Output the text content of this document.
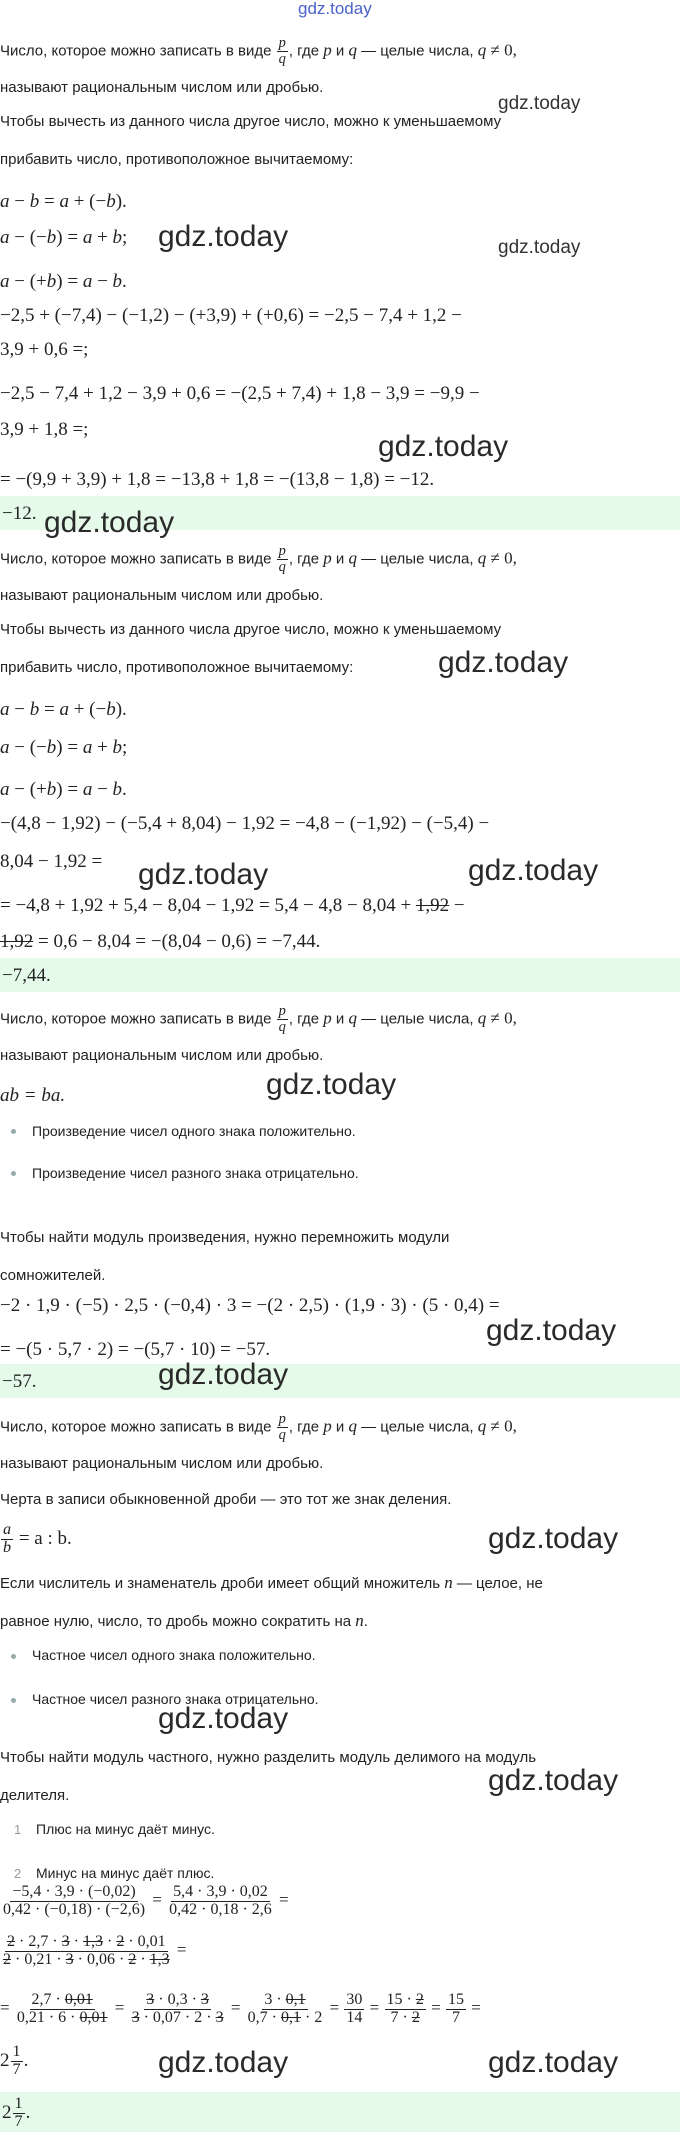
gdz.today
Число, которое можно записать в виде $\frac{p}{q}$ , где p и q — целые числа, q ≠ 0,
называют рациональным числом или дробью.
gdz.today
Чтобы вычесть из данного числа другое число, можно к уменьшаемому
прибавить число, противоположное вычитаемому:
a − b = a + (−b).
a − (−b) = a + b; gdz.today	gdz.today
a − (+b) = a − b.
−2,5 + (−7,4) − (−1,2) − (+3,9) + (+0,6) = −2,5 − 7,4 + 1,2 −
3,9 + 0,6 =;
−2,5 − 7,4 + 1,2 − 3,9 + 0,6 = −(2,5 + 7,4) + 1,8 − 3,9 = −9,9 −
3,9 + 1,8 =;
gdz.today
= −(9,9 + 3,9) + 1,8 = −13,8 + 1,8 = −(13,8 − 1,8) = −12.
−12. gdz.today
Число, которое можно записать в виде $\frac{p}{q}$ , где p и q — целые числа, q ≠ 0,
называют рациональным числом или дробью.
Чтобы вычесть из данного числа другое число, можно к уменьшаемому
прибавить число, противоположное вычитаемому:	gdz.today
a − b = a + (−b).
a − (−b) = a + b;
a − (+b) = a − b.
−(4,8 − 1,92) − (−5,4 + 8,04) − 1,92 = −4,8 − (−1,92) − (−5,4) −
8,04 − 1,92 = gdz.today	gdz.today
= −4,8 + 1,92 + 5,4 − 8,04 − 1,92 = 5,4 − 4,8 − 8,04 + 1,92 −
1,92 = 0,6 − 8,04 = −(8,04 − 0,6) = −7,44.
−7,44.
Число, которое можно записать в виде $\frac{p}{q}$ , где p и q — целые числа, q ≠ 0,
называют рациональным числом или дробью.
ab = ba.	gdz.today
Произведение чисел одного знака положительно.
Произведение чисел разного знака отрицательно.
Чтобы найти модуль произведения, нужно перемножить модули
сомножителей.
−2 · 1,9 · (−5) · 2,5 · (−0,4) · 3 = −(2 · 2,5) · (1,9 · 3) · (5 · 0,4) =
gdz.today
= −(5 · 5,7 · 2) = −(5,7 · 10) = −57.
−57.	gdz.today
Число, которое можно записать в виде $\frac{p}{q}$ , где p и q — целые числа, q ≠ 0,
называют рациональным числом или дробью.
Черта в записи обыкновенной дроби — это тот же знак деления.
$\frac{a}{b} = a$ : b.	gdz.today
Если числитель и знаменатель дроби имеет общий множитель n — целое, не
равное нулю, число, то дробь можно сократить на n.
Частное чисел одного знака положительно.
Частное чисел разного знака отрицательно.
gdz.today
Чтобы найти модуль частного, нужно разделить модуль делимого на модуль
делителя.	gdz.today
1 Плюс на минус даёт минус.
2 Минус на минус даёт плюс.
$\frac{-5,4 \cdot 3,9 \cdot (-0,02)}{0,42 \cdot (-0,18) \cdot (-2,6)} = \frac{5,4 \cdot 3,9 \cdot 0,02}{0,42 \cdot 0,18 \cdot 2,6}$ =
$\frac{2 \cdot 2,7 \cdot 3 \cdot 1,3 \cdot 2 \cdot 0,01}{2 \cdot 0,21 \cdot 3 \cdot 0,06 \cdot 2 \cdot 1,3}$ =
= $\frac{2,7 \cdot 0,01}{0,21 \cdot 6 \cdot 0,01} = \frac{3 \cdot 0,3 \cdot 3}{3 \cdot 0,07 \cdot 2 \cdot 3} = \frac{3 \cdot 0,1}{0,7 \cdot 0,1 \cdot 2} = \frac{30}{14} = \frac{15 \cdot 2}{7 \cdot 2} = \frac{15}{7}$ =
$2 \frac{1}{7}$ .	gdz.today	gdz.today
$2 \frac{1}{7}$ .
